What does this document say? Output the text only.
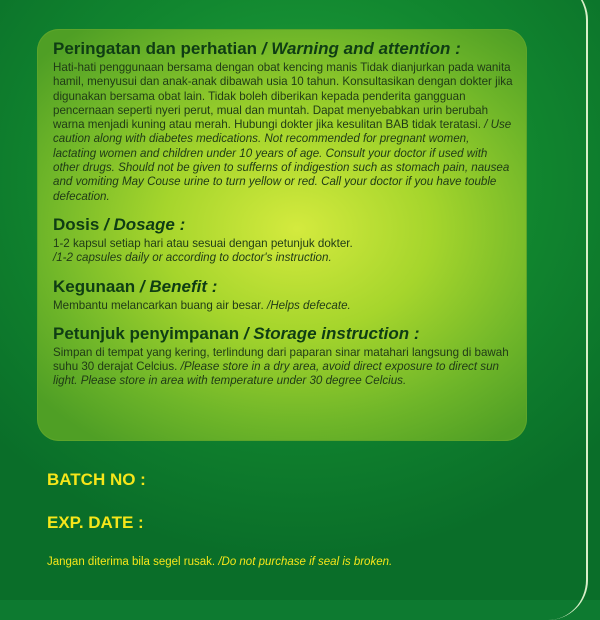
Peringatan dan perhatian / Warning and attention :

Hati-hati penggunaan bersama dengan obat kencing manis Tidak dianjurkan pada wanita hamil, menyusui dan anak-anak dibawah usia 10 tahun. Konsultasikan dengan dokter jika digunakan bersama obat lain. Tidak boleh diberikan kepada penderita gangguan pencernaan seperti nyeri perut, mual dan muntah. Dapat menyebabkan urin berubah warna menjadi kuning atau merah. Hubungi dokter jika kesulitan BAB tidak teratasi. / Use caution along with diabetes medications. Not recommended for pregnant women, lactating women and children under 10 years of age. Consult your doctor if used with other drugs. Should not be given to sufferns of indigestion such as stomach pain, nausea and vomiting May Couse urine to turn yellow or red. Call your doctor if you have touble defecation.

Dosis / Dosage :

1-2 kapsul setiap hari atau sesuai dengan petunjuk dokter.
/1-2 capsules daily or according to doctor's instruction.

Kegunaan / Benefit :

Membantu melancarkan buang air besar. /Helps defecate.

Petunjuk penyimpanan / Storage instruction :

Simpan di tempat yang kering, terlindung dari paparan sinar matahari langsung di bawah suhu 30 derajat Celcius. /Please store in a dry area, avoid direct exposure to direct sun light. Please store in area with temperature under 30 degree Celcius.

BATCH NO :
EXP. DATE :
Jangan diterima bila segel rusak. /Do not purchase if seal is broken.
